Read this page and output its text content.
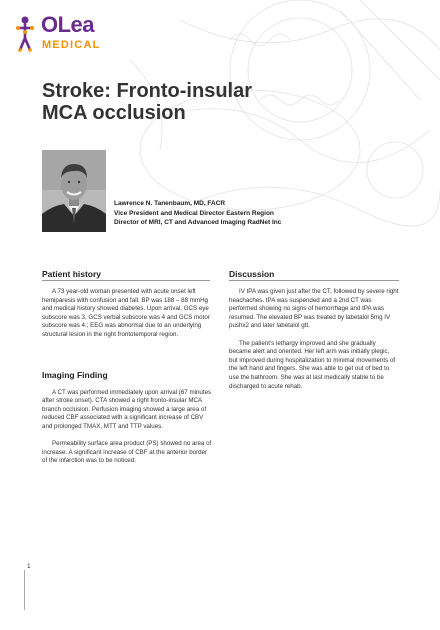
OLea
MEDICAL
Stroke: Fronto-insular
MCA occlusion
Lawrence N. Tanenbaum, MD, FACR
Vice President and Medical Director Eastern Region
Director of MRI, CT and Advanced Imaging RadNet Inc
Patient history

A 73 year-old woman presented with acute onset left hemiparesis with confusion and fall. BP was 188 – 88 mmHg and medical history showed diabetes. Upon arrival, GCS eye subscore was 3, GCS verbal subscore was 4 and GCS motor subscore was 4.; EEG was abnormal due to an underlying structural lesion in the right frontotemporal region.

Imaging Finding

A CT was performed immediately upon arrival (67 minutes after stroke onset). CTA showed a right fronto-insular MCA branch occlusion. Perfusion imaging showed a large area of reduced CBF associated with a significant increase of CBV and prolonged TMAX, MTT and TTP values.

Permeability surface area product (PS) showed no area of increase. A significant increase of CBF at the anterior border of the infarction was to be noticed.

Discussion

IV tPA was given just after the CT, followed by severe right heachaches. tPA was suspended and a 2nd CT was performed showing no signs of hemorrhage and tPA was resumed. The elevated BP was treated by labetalol 5mg IV pushx2 and later labetalol gtt.

The patient's lethargy improved and she gradually became alert and oriented. Her left arm was initially plegic, but improved during hospitalization to minimal movements of the left hand and fingers. She was able to get out of bed to use the bathroom. She was at last medically stable to be discharged to acute rehab.

1
